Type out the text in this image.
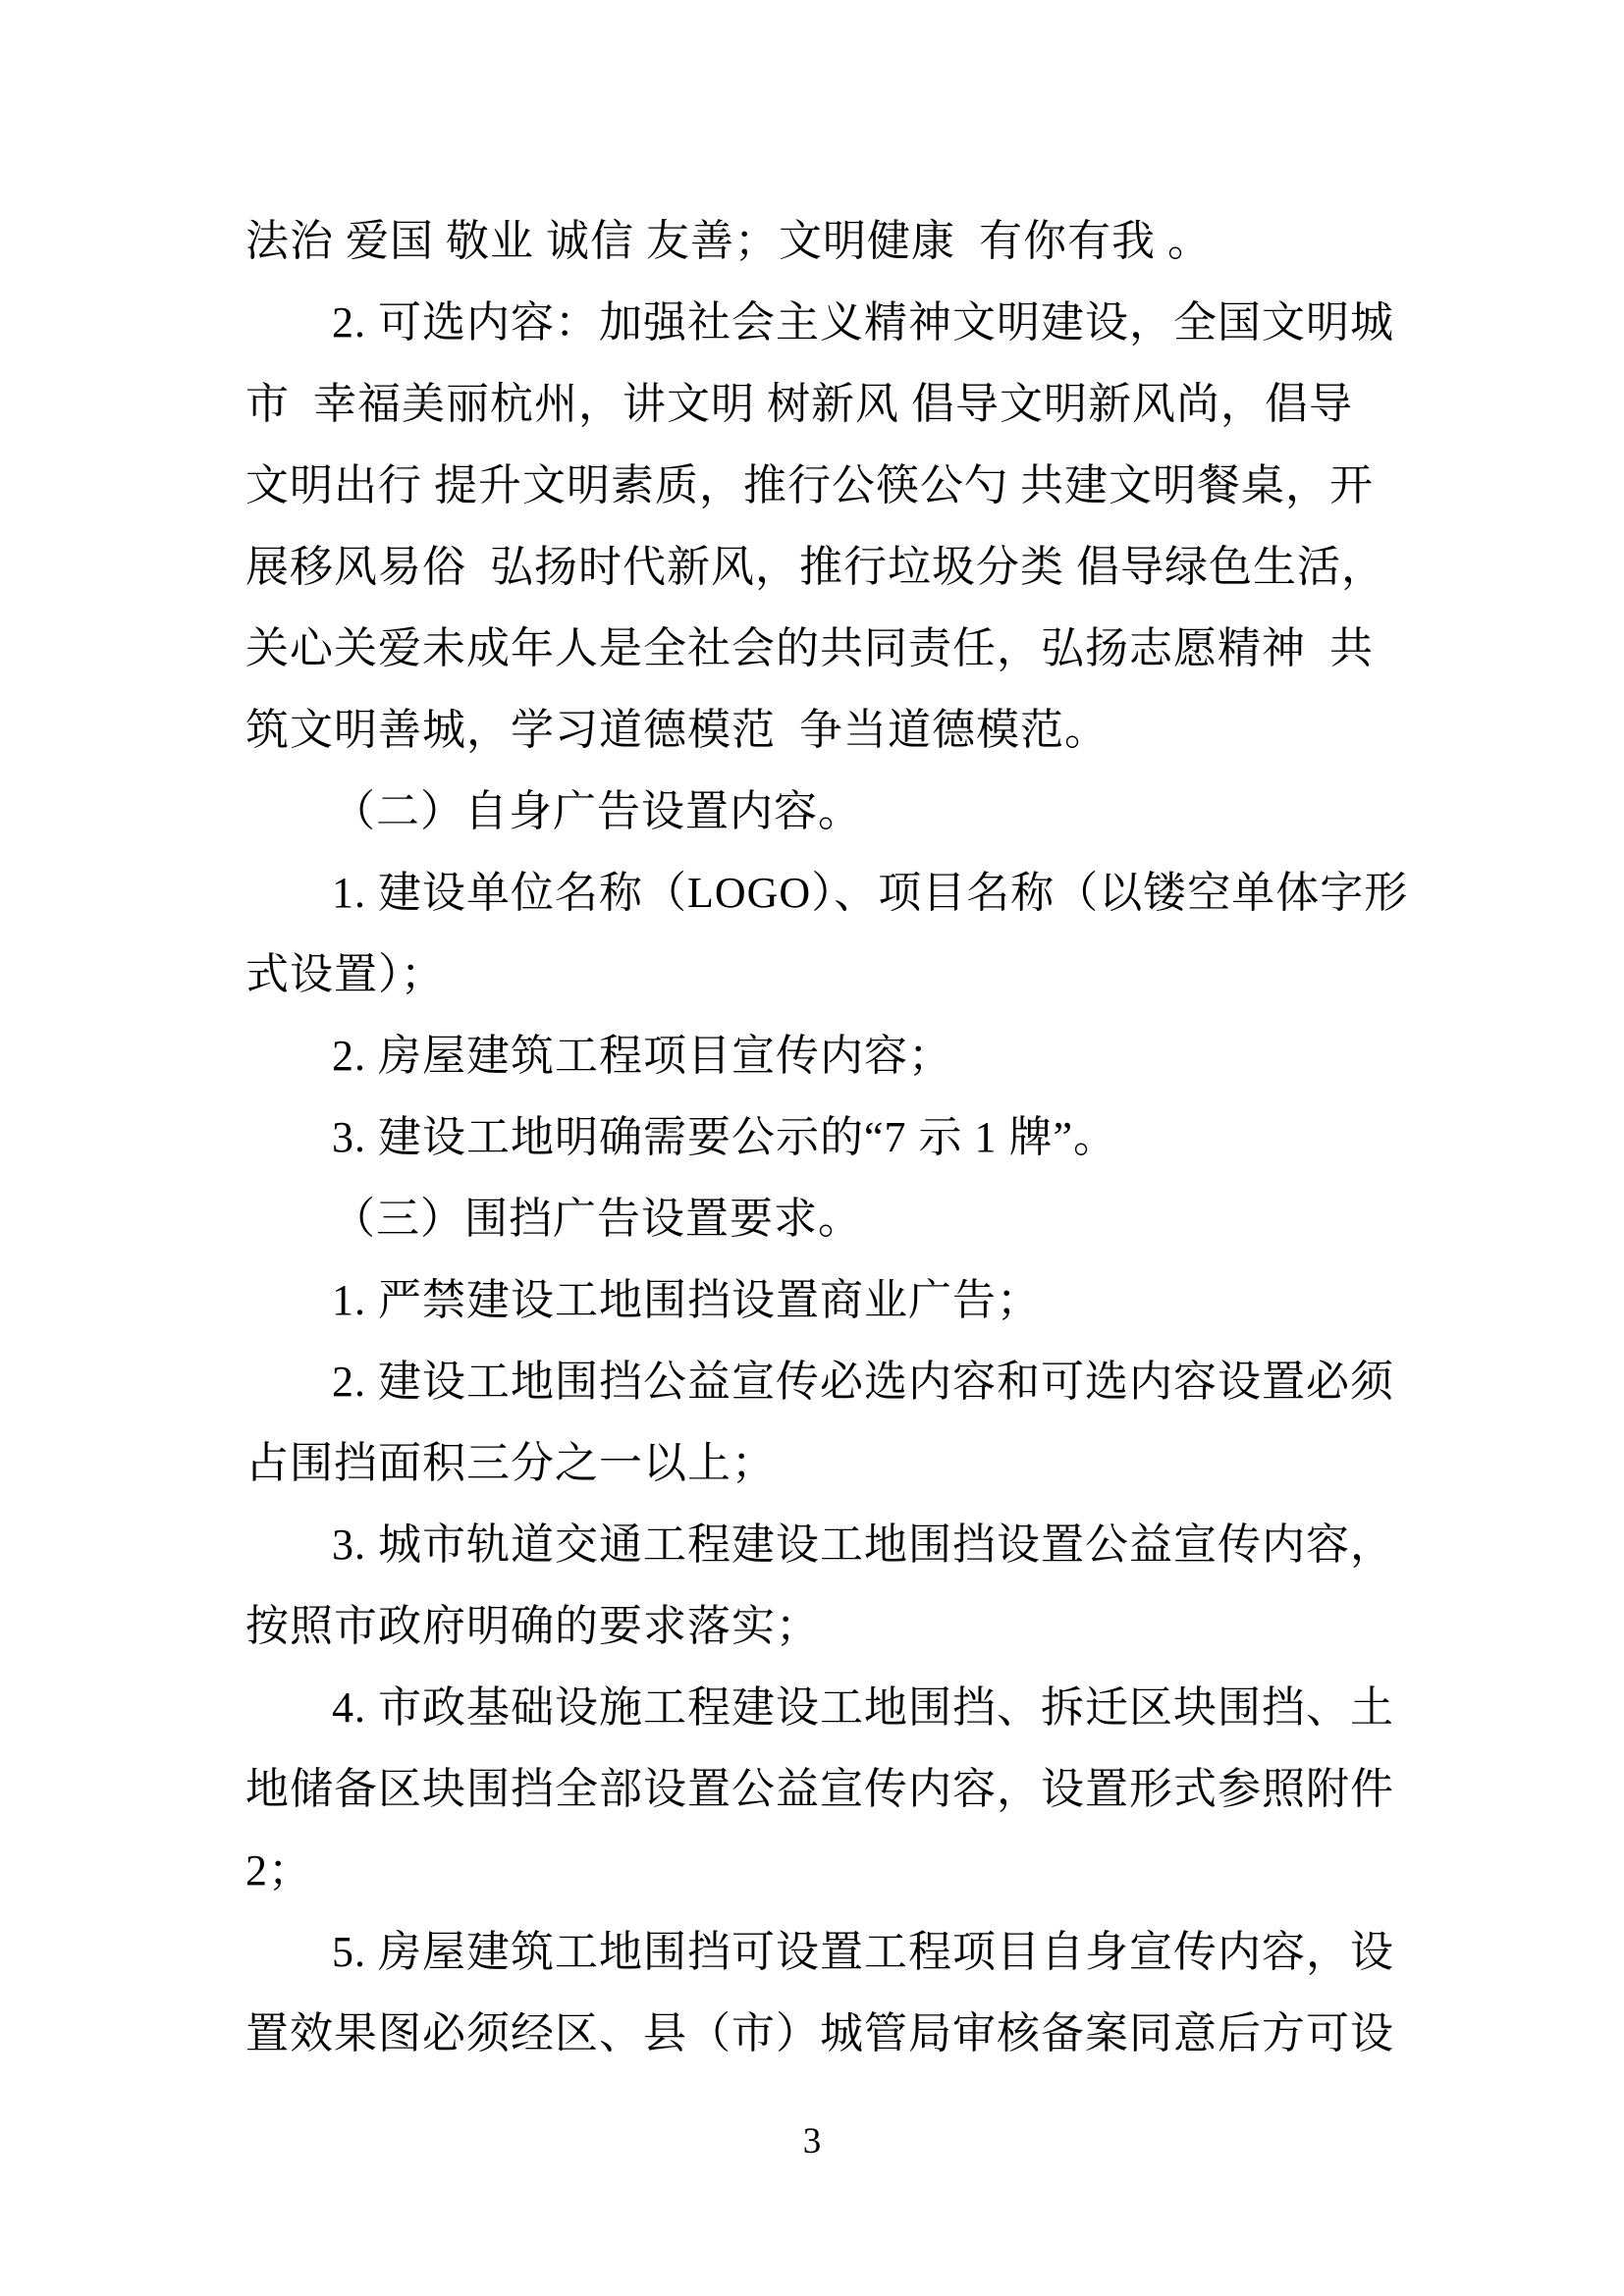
法治 爱国 敬业 诚信 友善；文明健康  有你有我 。
2. 可选内容：加强社会主义精神文明建设，全国文明城
市  幸福美丽杭州，讲文明 树新风 倡导文明新风尚，倡导
文明出行 提升文明素质，推行公筷公勺 共建文明餐桌，开
展移风易俗  弘扬时代新风，推行垃圾分类 倡导绿色生活，
关心关爱未成年人是全社会的共同责任，弘扬志愿精神  共
筑文明善城，学习道德模范  争当道德模范。
（二）自身广告设置内容。
1. 建设单位名称（LOGO）、项目名称（以镂空单体字形
式设置）；
2. 房屋建筑工程项目宣传内容；
3. 建设工地明确需要公示的“7 示 1 牌”。
（三）围挡广告设置要求。
1. 严禁建设工地围挡设置商业广告；
2. 建设工地围挡公益宣传必选内容和可选内容设置必须
占围挡面积三分之一以上；
3. 城市轨道交通工程建设工地围挡设置公益宣传内容，
按照市政府明确的要求落实；
4. 市政基础设施工程建设工地围挡、拆迁区块围挡、土
地储备区块围挡全部设置公益宣传内容，设置形式参照附件
2；
5. 房屋建筑工地围挡可设置工程项目自身宣传内容，设
置效果图必须经区、县（市）城管局审核备案同意后方可设
3
